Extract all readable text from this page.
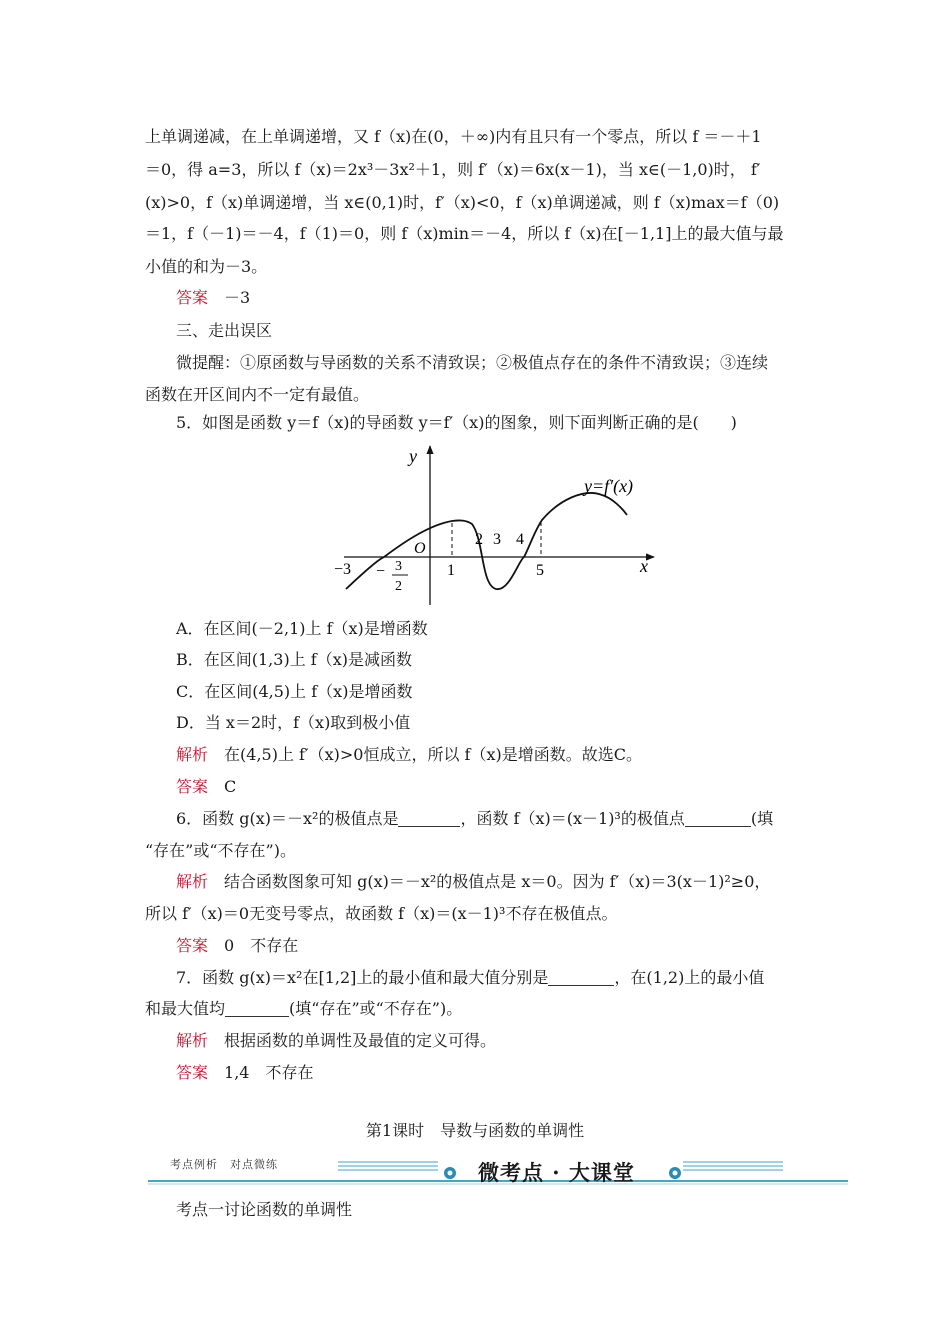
上单调递减，在上单调递增，又 f（x)在(0，＋∞)内有且只有一个零点，所以 f ＝－＋1
＝0，得 a=3，所以 f（x)＝2x³－3x²＋1，则 f′（x)＝6x(x－1)，当 x∈(－1,0)时， f′
(x)>0，f（x)单调递增，当 x∈(0,1)时，f′（x)<0，f（x)单调递减，则 f（x)max＝f（0)
＝1，f（－1)＝－4，f（1)＝0，则 f（x)min＝－4，所以 f（x)在[－1,1]上的最大值与最
小值的和为－3。
答案　 －3
三、走出误区
微提醒：①原函数与导函数的关系不清致误；②极值点存在的条件不清致误；③连续
函数在开区间内不一定有最值。
5．如图是函数 y＝f（x)的导函数 y＝f′（x)的图象，则下面判断正确的是(　　)
y
x
O
y=f′(x)
−3 − 3
2
1
2 3 4
5
A．在区间(－2,1)上 f（x)是增函数
B．在区间(1,3)上 f（x)是减函数
C．在区间(4,5)上 f（x)是增函数
D．当 x＝2时，f（x)取到极小值
解析　 在(4,5)上 f′（x)>0恒成立，所以 f（x)是增函数。故选C。
答案　 C
6．函数 g(x)＝－x²的极值点是	，函数 f（x)＝(x－1)³的极值点	(填
“存在”或“不存在”)。
解析　 结合函数图象可知 g(x)＝－x²的极值点是 x＝0。因为 f′（x)＝3(x－1)²≥0，
所以 f′（x)＝0无变号零点，故函数 f（x)＝(x－1)³不存在极值点。
答案　 0　不存在
7．函数 g(x)＝x²在[1,2]上的最小值和最大值分别是	，在(1,2)上的最小值
和最大值均	(填“存在”或“不存在”)。
解析　 根据函数的单调性及最值的定义可得。
答案　 1,4　不存在
第1课时　导数与函数的单调性
考点例析　对点微练	微考点 · 大课堂
考点一讨论函数的单调性
